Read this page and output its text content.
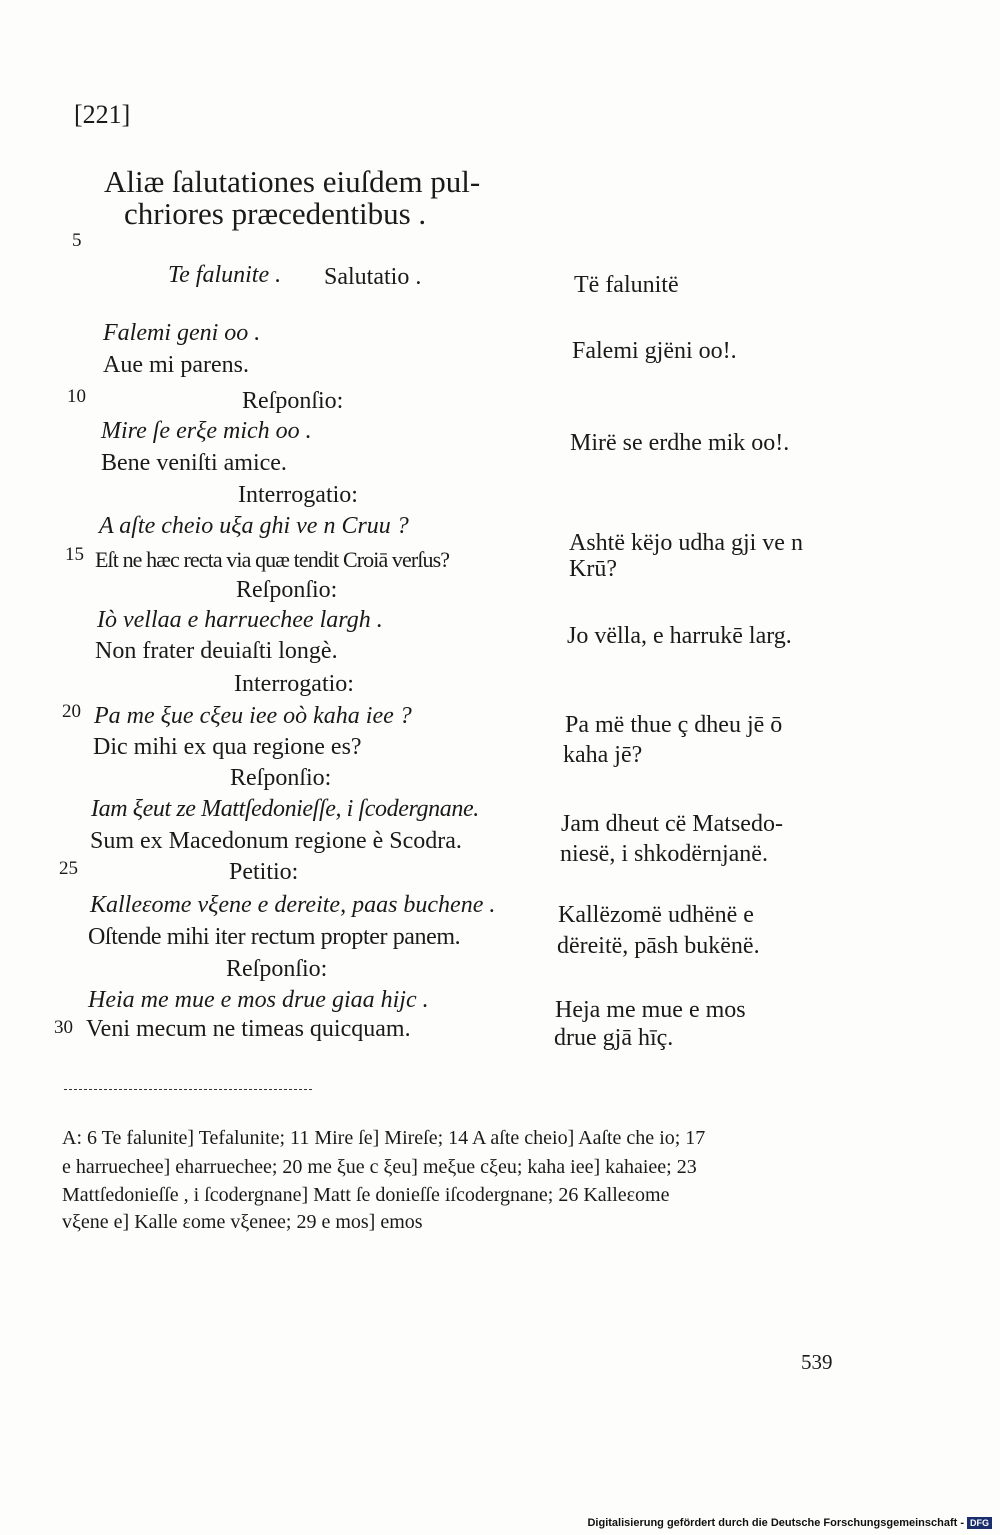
[221]
Aliæ ſalutationes eiuſdem pul-
chriores præcedentibus .
5
10
15
20
25
30
Te falunite . Salutatio .	Të falunitë
Falemi geni oo .
Aue mi parens.
Reſponſio:
Mire ſe erξe mich oo .
Bene veniſti amice.
Interrogatio:
A aſte cheio uξa ghi ve n Cruu ?
Eſt ne hæc recta via quæ tendit Croiā verſus?
Reſponſio:
Iò vellaa e harruechee largh .
Non frater deuiaſti longè.
Interrogatio:
Pa me ξue cξeu iee oò kaha iee ?
Dic mihi ex qua regione es?
Reſponſio:
Iam ξeut ze Mattſedonieſſe, i ſcodergnane.
Sum ex Macedonum regione è Scodra.
Petitio:
Kalleεome vξene e dereite, paas buchene .
Oſtende mihi iter rectum propter panem.
Reſponſio:
Heia me mue e mos drue giaa hijc .
Veni mecum ne timeas quicquam.
Falemi gjëni oo!.
Mirë se erdhe mik oo!.
Ashtë këjo udha gji ve n
Krū?
Jo vëlla, e harrukē larg.
Pa më thue ç dheu jē ō
kaha jē?
Jam dheut cë Matsedo-
niesë, i shkodërnjanë.
Kallëzomë udhënë e
dëreitë, pāsh bukënë.
Heja me mue e mos
drue gjā hīç.
A: 6 Te falunite] Tefalunite; 11 Mire ſe] Mireſe; 14 A aſte cheio] Aaſte che io; 17
e harruechee] eharruechee; 20 me ξue c ξeu] meξue cξeu; kaha iee] kahaiee; 23
Mattſedonieſſe , i ſcodergnane] Matt ſe donieſſe iſcodergnane; 26 Kalleεome
vξene e] Kalle εome vξenee; 29 e mos] emos
539
Digitalisierung gefördert durch die Deutsche Forschungsgemeinschaft - DFG
